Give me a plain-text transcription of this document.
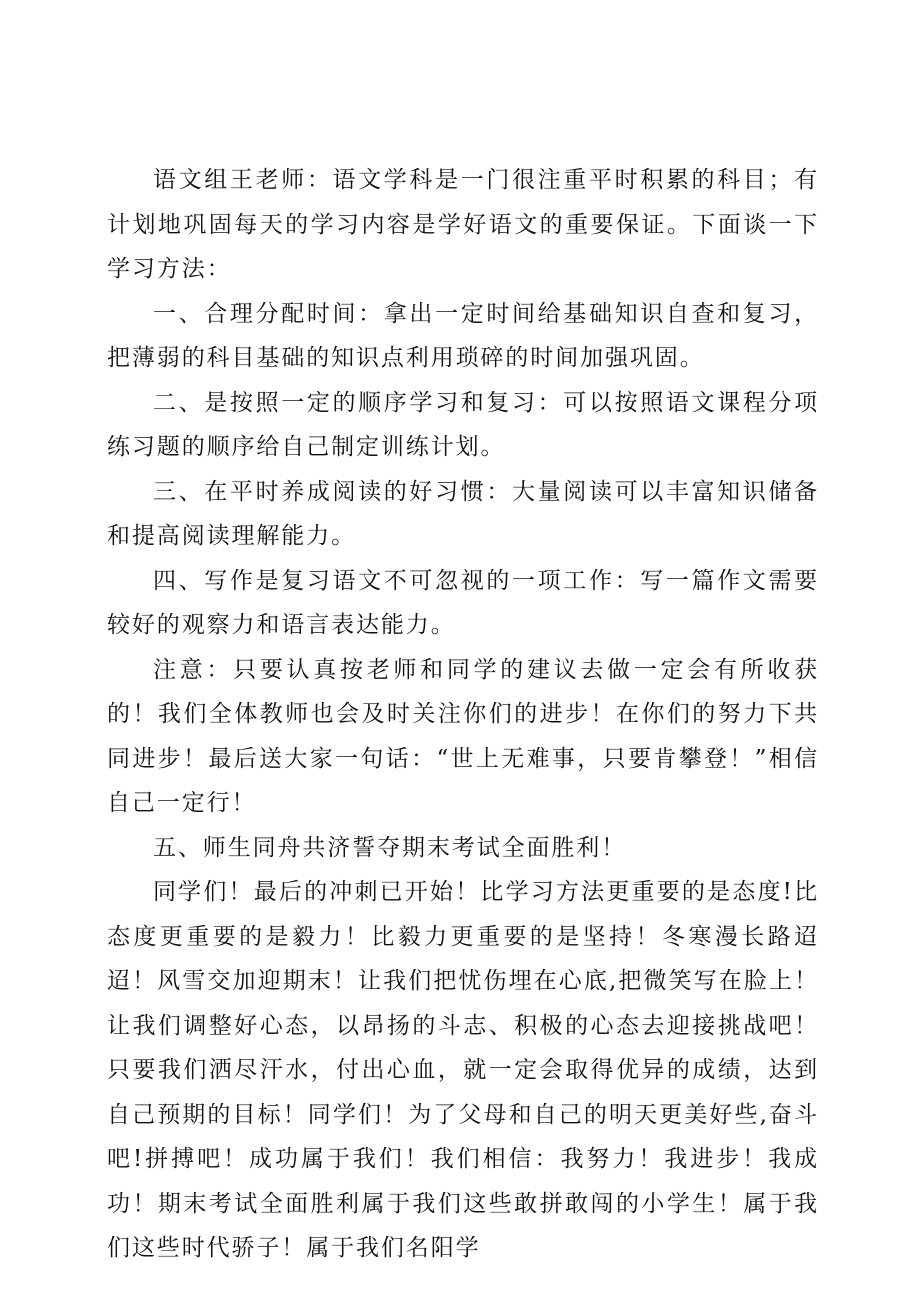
语文组王老师：语文学科是一门很注重平时积累的科目；有计划地巩固每天的学习内容是学好语文的重要保证。下面谈一下学习方法：

一、合理分配时间：拿出一定时间给基础知识自查和复习，把薄弱的科目基础的知识点利用琐碎的时间加强巩固。

二、是按照一定的顺序学习和复习：可以按照语文课程分项练习题的顺序给自己制定训练计划。

三、在平时养成阅读的好习惯：大量阅读可以丰富知识储备和提高阅读理解能力。

四、写作是复习语文不可忽视的一项工作：写一篇作文需要较好的观察力和语言表达能力。

注意：只要认真按老师和同学的建议去做一定会有所收获的！我们全体教师也会及时关注你们的进步！在你们的努力下共同进步！最后送大家一句话：“世上无难事，只要肯攀登！”相信自己一定行！

五、师生同舟共济誓夺期末考试全面胜利！

同学们！最后的冲刺已开始！比学习方法更重要的是态度!比态度更重要的是毅力！比毅力更重要的是坚持！冬寒漫长路迢迢！风雪交加迎期末！让我们把忧伤埋在心底,把微笑写在脸上！让我们调整好心态，以昂扬的斗志、积极的心态去迎接挑战吧！只要我们洒尽汗水，付出心血，就一定会取得优异的成绩，达到自己预期的目标！同学们！为了父母和自己的明天更美好些,奋斗吧!拼搏吧！成功属于我们！我们相信：我努力！我进步！我成功！期末考试全面胜利属于我们这些敢拼敢闯的小学生！属于我们这些时代骄子！属于我们名阳学
